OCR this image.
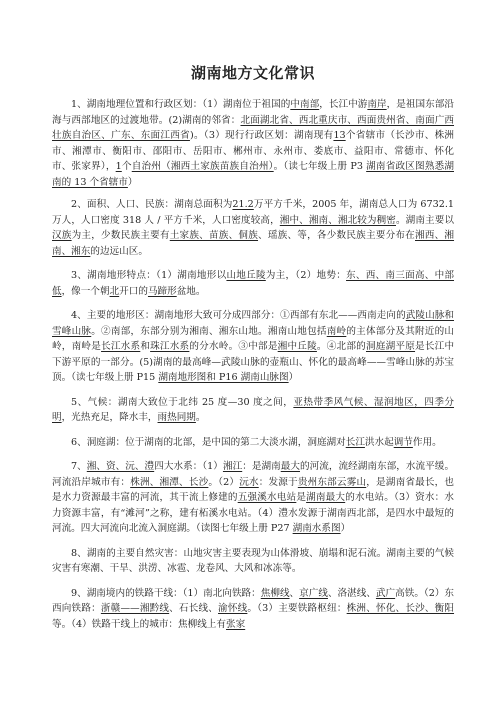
湖南地方文化常识

1、湖南地理位置和行政区划：（1）湖南位于祖国的中南部，长江中游南岸，是祖国东部沿海与西部地区的过渡地带。(2)湖南的邻省：北面湖北省、西北重庆市、西面贵州省、南面广西壮族自治区、广东、东面江西省)。（3）现行行政区划：湖南现有13个省辖市（长沙市、株洲市、湘潭市、衡阳市、邵阳市、岳阳市、郴州市、永州市、娄底市、益阳市、常德市、怀化市、张家界），1个自治州（湘西土家族苗族自治州）。（读七年级上册 P3 湖南省政区图熟悉湖南的 13 个省辖市）

2、面积、人口、民族：湖南总面积为21.2万平方千米，2005 年，湖南总人口为 6732.1 万人，人口密度 318 人 / 平方千米，人口密度较高，湘中、湘南、湘北较为稠密。湖南主要以汉族为主，少数民族主要有土家族、苗族、侗族、瑶族、等，各少数民族主要分布在湘西、湘南、湘东的边远山区。

3、湖南地形特点：（1）湖南地形以山地丘陵为主，（2）地势：东、西、南三面高、中部低，像一个朝北开口的马蹄形盆地。

4、主要的地形区：湖南地形大致可分成四部分：①西部有东北——西南走向的武陵山脉和雪峰山脉。②南部，东部分别为湘南、湘东山地。湘南山地包括南岭的主体部分及其附近的山岭，南岭是长江水系和珠江水系的分水岭。③中部是湘中丘陵。④北部的洞庭湖平原是长江中下游平原的一部分。(5)湖南的最高峰—武陵山脉的壶瓶山、怀化的最高峰——雪峰山脉的苏宝顶。（读七年级上册 P15 湖南地形图和 P16 湖南山脉图）

5、气候：湖南大致位于北纬 25 度—30 度之间，亚热带季风气候、湿润地区，四季分明，光热充足，降水丰，雨热同期。

6、洞庭湖：位于湖南的北部，是中国的第二大淡水湖，洞庭湖对长江洪水起调节作用。

7、湘、资、沅、澧四大水系：（1）湘江：是湖南最大的河流，流经湖南东部，水流平缓。河流沿岸城市有：株洲、湘潭、长沙。（2）沅水：发源于贵州东部云雾山，是湖南省最长，也是水力资源最丰富的河流，其干流上修建的五强溪水电站是湖南最大的水电站。（3）资水：水力资源丰富，有“滩河”之称，建有柘溪水电站。（4）澧水发源于湖南西北部，是四水中最短的河流。四大河流向北流入洞庭湖。（读图七年级上册 P27 湖南水系图）

8、湖南的主要自然灾害：山地灾害主要表现为山体滑坡、崩塌和泥石流。湖南主要的气候灾害有寒潮、干旱、洪涝、冰雹、龙卷风、大风和冰冻等。

9、湖南境内的铁路干线：（1）南北向铁路：焦柳线、京广线、洛湛线、武广高铁。（2）东西向铁路：浙赣——湘黔线、石长线、渝怀线。（3）主要铁路枢纽：株洲、怀化、长沙、衡阳等。（4）铁路干线上的城市：焦柳线上有张家
